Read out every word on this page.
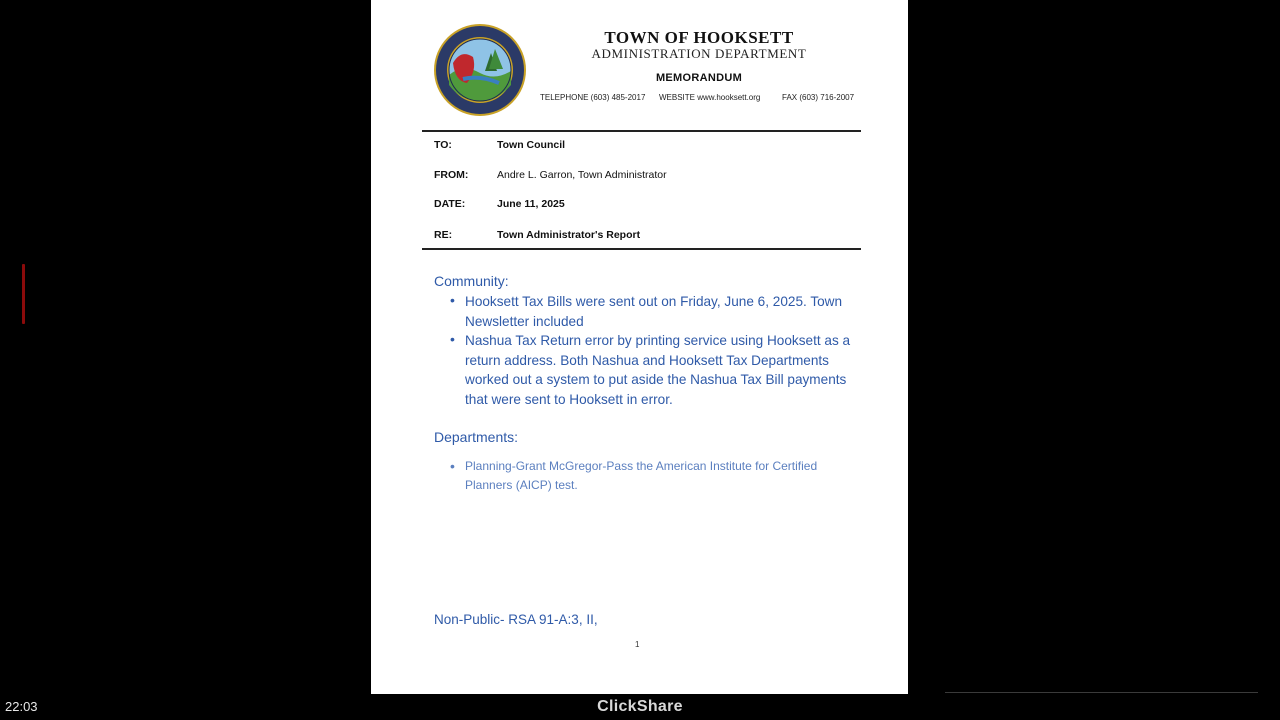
TOWN OF HOOKSETT
ADMINISTRATION DEPARTMENT
MEMORANDUM
TELEPHONE (603) 485-2017 WEBSITE www.hooksett.org	FAX (603) 716-2007
TO:	Town Council
FROM:	Andre L. Garron, Town Administrator
DATE:	June 11, 2025
RE:	Town Administrator's Report
Community:
• Hooksett Tax Bills were sent out on Friday, June 6, 2025. Town Newsletter included
• Nashua Tax Return error by printing service using Hooksett as a return address. Both Nashua and Hooksett Tax Departments worked out a system to put aside the Nashua Tax Bill payments that were sent to Hooksett in error.
Departments:
• Planning-Grant McGregor-Pass the American Institute for Certified Planners (AICP) test.
Non-Public- RSA 91-A:3, II,
1
22:03	ClickShare
